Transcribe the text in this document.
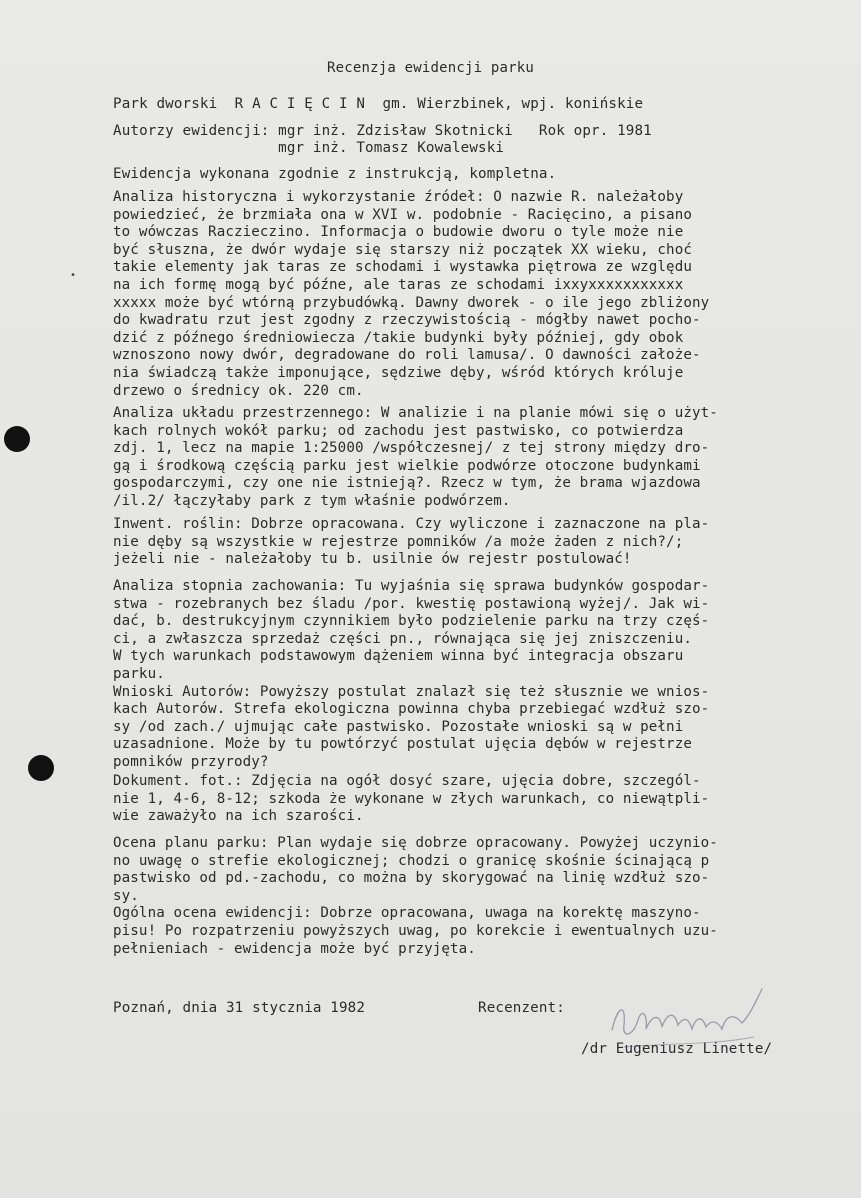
Recenzja ewidencji parku
Park dworski  R A C I Ę C I N  gm. Wierzbinek, wpj. konińskie
Autorzy ewidencji: mgr inż. Zdzisław Skotnicki   Rok opr. 1981
mgr inż. Tomasz Kowalewski
Ewidencja wykonana zgodnie z instrukcją, kompletna.
Analiza historyczna i wykorzystanie źródeł: O nazwie R. należałoby
powiedzieć, że brzmiała ona w XVI w. podobnie - Racięcino, a pisano
to wówczas Raczieczino. Informacja o budowie dworu o tyle może nie
być słuszna, że dwór wydaje się starszy niż początek XX wieku, choć
takie elementy jak taras ze schodami i wystawka piętrowa ze względu
na ich formę mogą być późne, ale taras ze schodami ixxyxxxxxxxxxxx
xxxxx może być wtórną przybudówką. Dawny dworek - o ile jego zbliżony
do kwadratu rzut jest zgodny z rzeczywistością - mógłby nawet pocho-
dzić z późnego średniowiecza /takie budynki były później, gdy obok
wznoszono nowy dwór, degradowane do roli lamusa/. O dawności założe-
nia świadczą także imponujące, sędziwe dęby, wśród których króluje
drzewo o średnicy ok. 220 cm.
Analiza układu przestrzennego: W analizie i na planie mówi się o użyt-
kach rolnych wokół parku; od zachodu jest pastwisko, co potwierdza
zdj. 1, lecz na mapie 1:25000 /współczesnej/ z tej strony między dro-
gą i środkową częścią parku jest wielkie podwórze otoczone budynkami
gospodarczymi, czy one nie istnieją?. Rzecz w tym, że brama wjazdowa
/il.2/ łączyłaby park z tym właśnie podwórzem.
Inwent. roślin: Dobrze opracowana. Czy wyliczone i zaznaczone na pla-
nie dęby są wszystkie w rejestrze pomników /a może żaden z nich?/;
jeżeli nie - należałoby tu b. usilnie ów rejestr postulować!
Analiza stopnia zachowania: Tu wyjaśnia się sprawa budynków gospodar-
stwa - rozebranych bez śladu /por. kwestię postawioną wyżej/. Jak wi-
dać, b. destrukcyjnym czynnikiem było podzielenie parku na trzy częś-
ci, a zwłaszcza sprzedaż części pn., równająca się jej zniszczeniu.
W tych warunkach podstawowym dążeniem winna być integracja obszaru
parku.
Wnioski Autorów: Powyższy postulat znalazł się też słusznie we wnios-
kach Autorów. Strefa ekologiczna powinna chyba przebiegać wzdłuż szo-
sy /od zach./ ujmując całe pastwisko. Pozostałe wnioski są w pełni
uzasadnione. Może by tu powtórzyć postulat ujęcia dębów w rejestrze
pomników przyrody?
Dokument. fot.: Zdjęcia na ogół dosyć szare, ujęcia dobre, szczegól-
nie 1, 4-6, 8-12; szkoda że wykonane w złych warunkach, co niewątpli-
wie zaważyło na ich szarości.
Ocena planu parku: Plan wydaje się dobrze opracowany. Powyżej uczynio-
no uwagę o strefie ekologicznej; chodzi o granicę skośnie ścinającą p
pastwisko od pd.-zachodu, co można by skorygować na linię wzdłuż szo-
sy.
Ogólna ocena ewidencji: Dobrze opracowana, uwaga na korektę maszyno-
pisu! Po rozpatrzeniu powyższych uwag, po korekcie i ewentualnych uzu-
pełnieniach - ewidencja może być przyjęta.
Poznań, dnia 31 stycznia 1982	Recenzent:
/dr Eugeniusz Linette/
•
